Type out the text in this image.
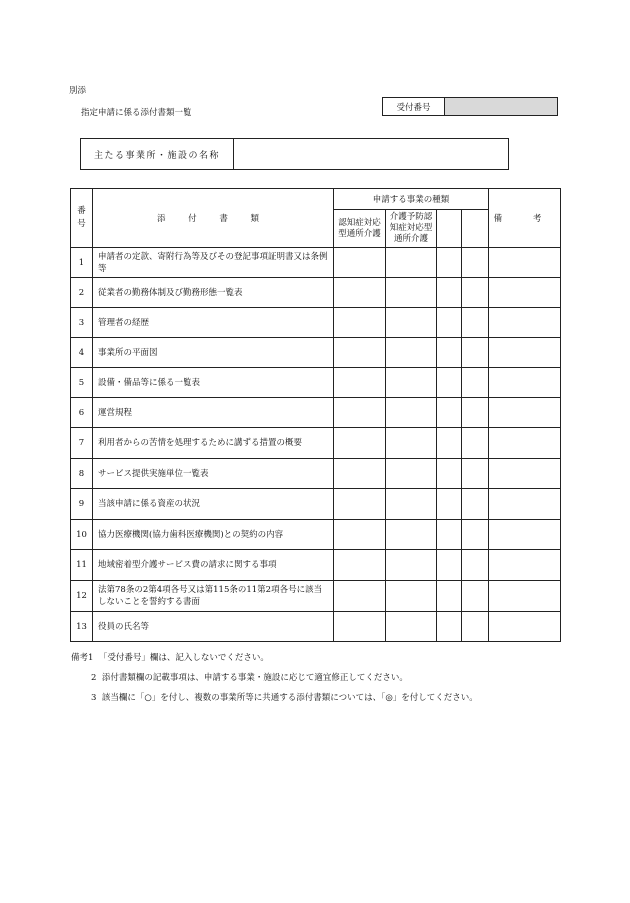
別添
指定申請に係る添付書類一覧
受付番号
主たる事業所・施設の名称
番号	添 付 書 類	申請する事業の種類				備 考
		認知症対応型通所介護	介護予防認知症対応型通所介護			
1	申請者の定款、寄附行為等及びその登記事項証明書又は条例等					
2	従業者の勤務体制及び勤務形態一覧表					
3	管理者の経歴					
4	事業所の平面図					
5	設備・備品等に係る一覧表					
6	運営規程					
7	利用者からの苦情を処理するために講ずる措置の概要					
8	サービス提供実施単位一覧表					
9	当該申請に係る資産の状況					
10	協力医療機関(協力歯科医療機関)との契約の内容					
11	地域密着型介護サービス費の請求に関する事項					
12	法第78条の2第4項各号又は第115条の11第2項各号に該当しないことを誓約する書面					
13	役員の氏名等					
備考1 「受付番号」欄は、記入しないでください。
2 添付書類欄の記載事項は、申請する事業・施設に応じて適宜修正してください。
3 該当欄に「○」を付し、複数の事業所等に共通する添付書類については、「◎」を付してください。
